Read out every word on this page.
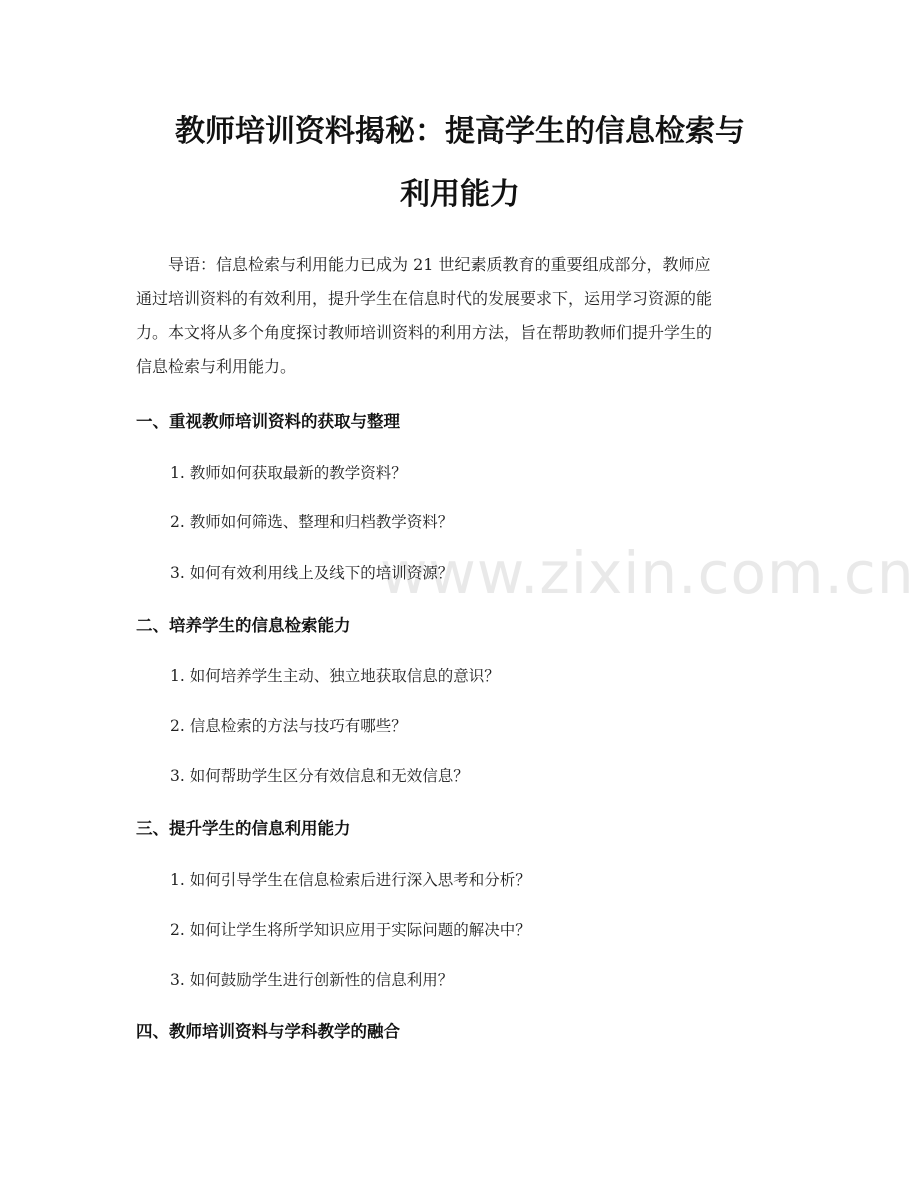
www.zixin.com.cn
教师培训资料揭秘：提高学生的信息检索与
利用能力
导语：信息检索与利用能力已成为 21 世纪素质教育的重要组成部分，教师应
通过培训资料的有效利用，提升学生在信息时代的发展要求下，运用学习资源的能
力。本文将从多个角度探讨教师培训资料的利用方法，旨在帮助教师们提升学生的
信息检索与利用能力。
一、重视教师培训资料的获取与整理
1. 教师如何获取最新的教学资料？
2. 教师如何筛选、整理和归档教学资料？
3. 如何有效利用线上及线下的培训资源？
二、培养学生的信息检索能力
1. 如何培养学生主动、独立地获取信息的意识？
2. 信息检索的方法与技巧有哪些？
3. 如何帮助学生区分有效信息和无效信息？
三、提升学生的信息利用能力
1. 如何引导学生在信息检索后进行深入思考和分析？
2. 如何让学生将所学知识应用于实际问题的解决中？
3. 如何鼓励学生进行创新性的信息利用？
四、教师培训资料与学科教学的融合
